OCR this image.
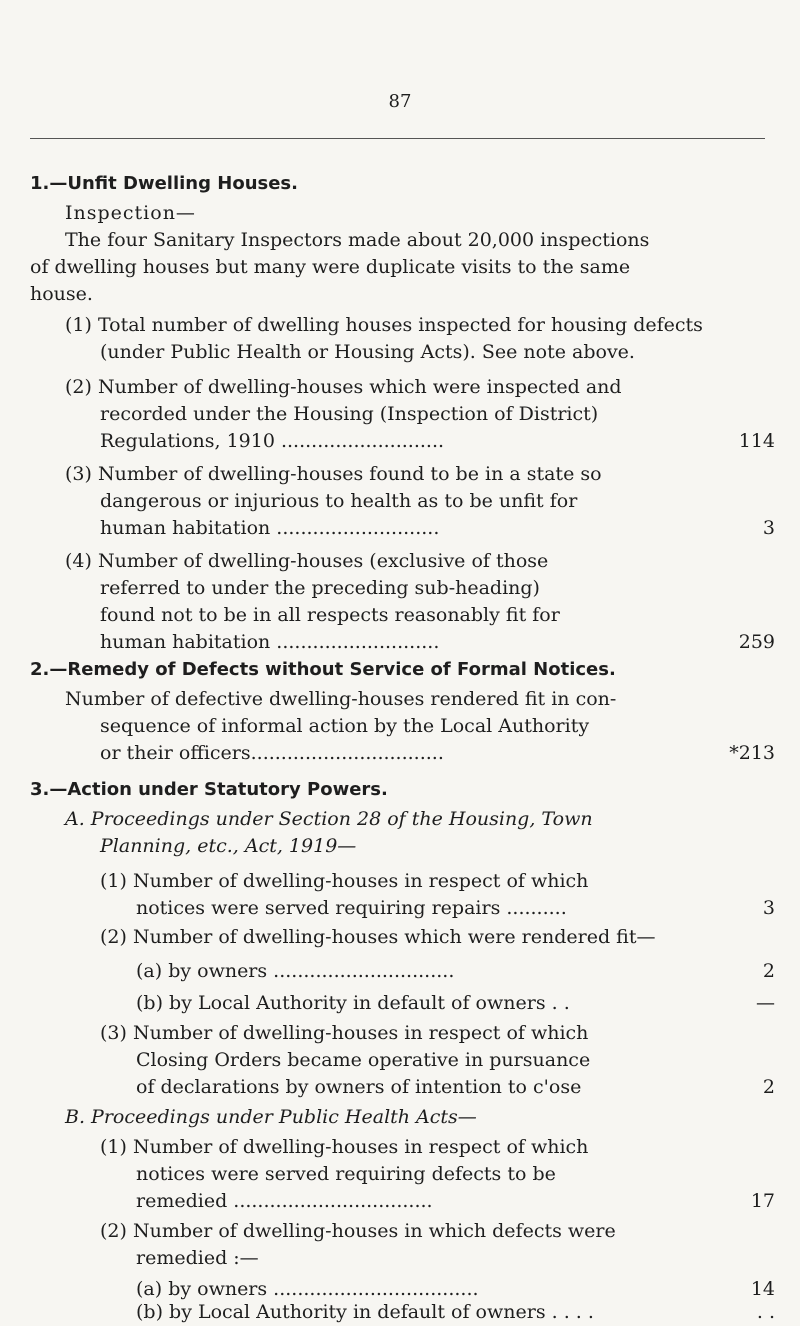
87
1.—Unfit Dwelling Houses.
Inspection—
The four Sanitary Inspectors made about 20,000 inspections
of dwelling houses but many were duplicate visits to the same
house.
(1) Total number of dwelling houses inspected for housing defects
(under Public Health or Housing Acts). See note above.
(2) Number of dwelling-houses which were inspected and
recorded under the Housing (Inspection of District)
Regulations, 1910 ...........................	114
(3) Number of dwelling-houses found to be in a state so
dangerous or injurious to health as to be unfit for
human habitation ...........................	3
(4) Number of dwelling-houses (exclusive of those
referred to under the preceding sub-heading)
found not to be in all respects reasonably fit for
human habitation ...........................	259
2.—Remedy of Defects without Service of Formal Notices.
Number of defective dwelling-houses rendered fit in con-
sequence of informal action by the Local Authority
or their officers................................	*213
3.—Action under Statutory Powers.
A. Proceedings under Section 28 of the Housing, Town
Planning, etc., Act, 1919—
(1) Number of dwelling-houses in respect of which
notices were served requiring repairs ..........	3
(2) Number of dwelling-houses which were rendered fit—
(a) by owners ..............................	2
(b) by Local Authority in default of owners . .	—
(3) Number of dwelling-houses in respect of which
Closing Orders became operative in pursuance
of declarations by owners of intention to c'ose	2
B. Proceedings under Public Health Acts—
(1) Number of dwelling-houses in respect of which
notices were served requiring defects to be
remedied .................................	17
(2) Number of dwelling-houses in which defects were
remedied :—
(a) by owners ..................................	14
(b) by Local Authority in default of owners . . . .	. .
